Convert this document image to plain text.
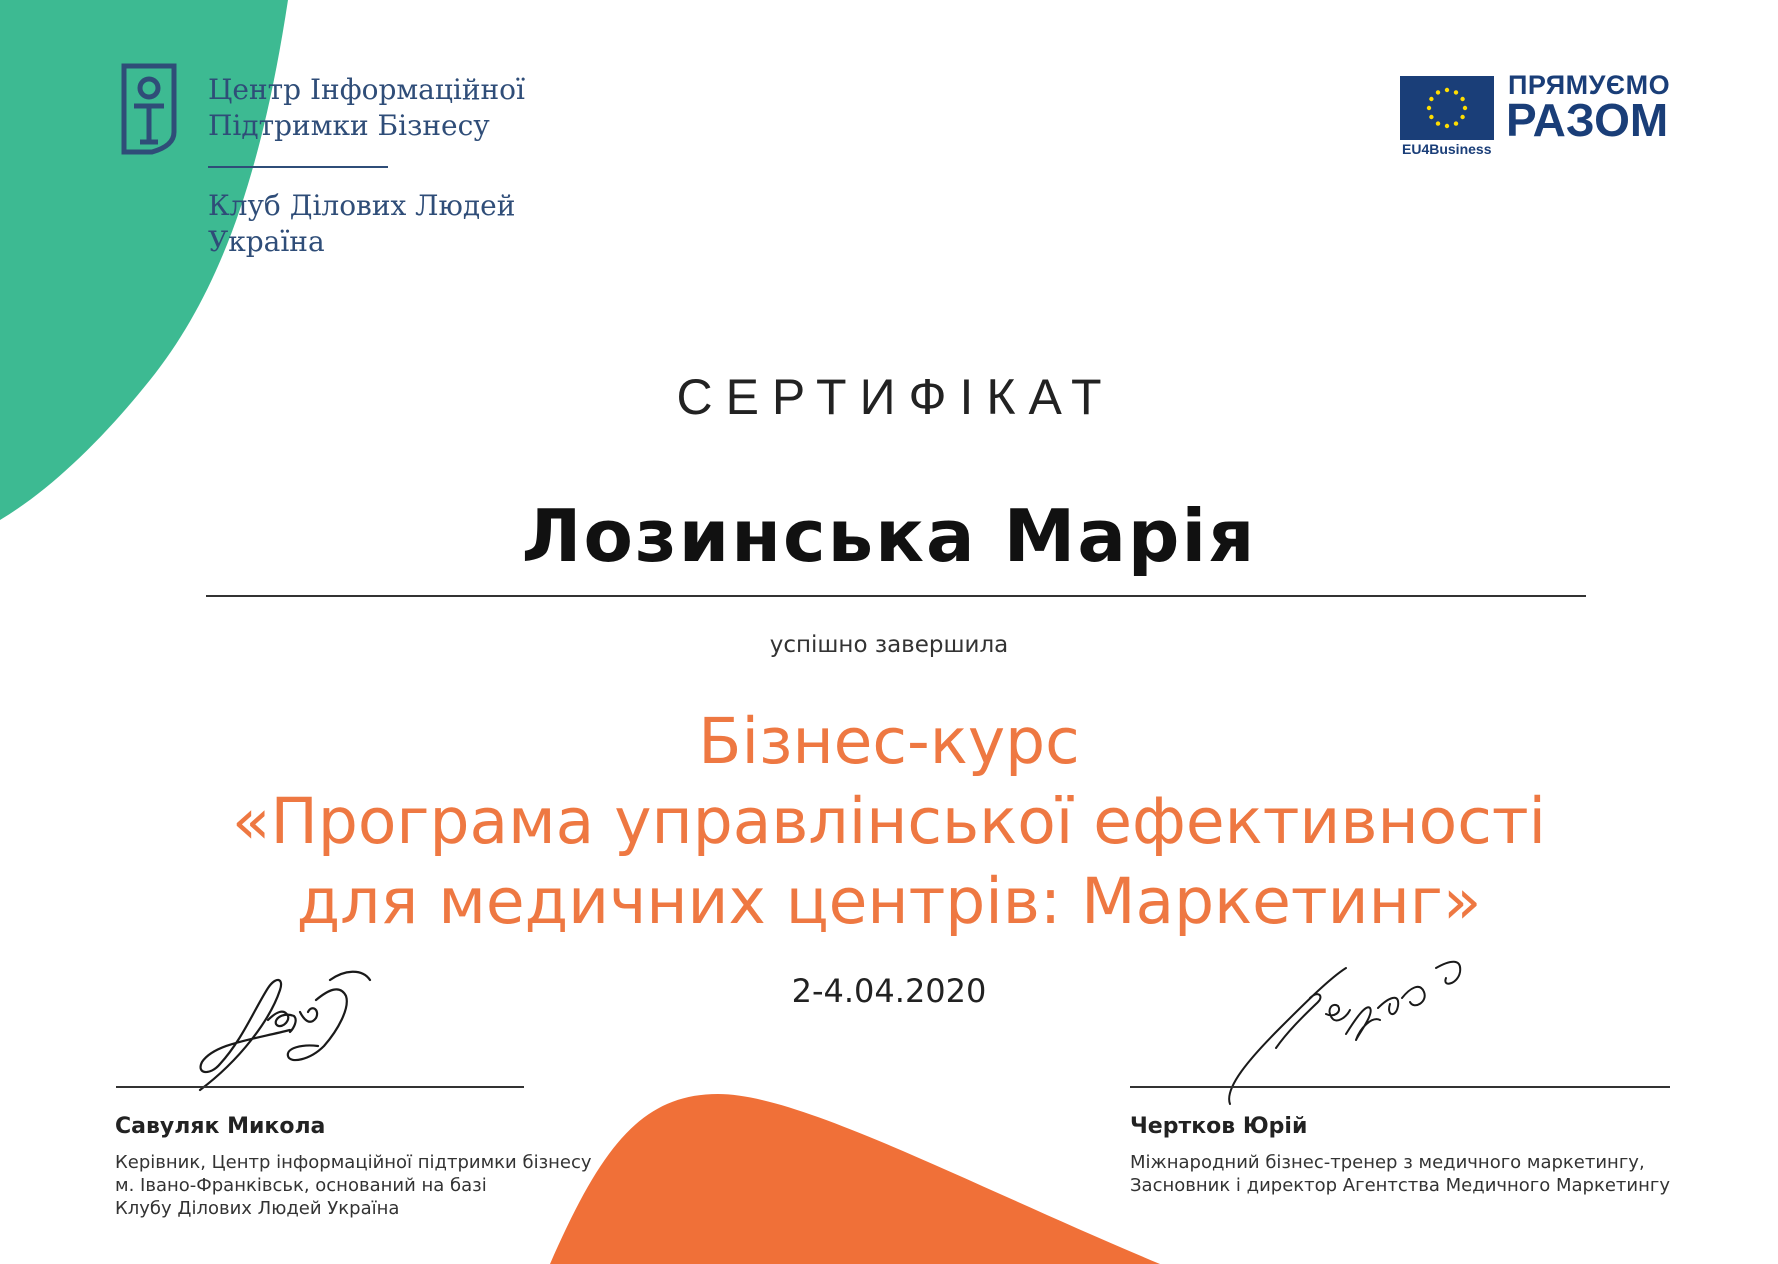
Центр Інформаційної
Підтримки Бізнесу
Клуб Ділових Людей
Україна
EU4Business
ПРЯМУЄМО
РАЗОМ
СЕРТИФІКАТ
Лозинська Марія
успішно завершила
Бізнес-курс
«Програма управлінської ефективності
для медичних центрів: Маркетинг»
2-4.04.2020
Савуляк Микола
Керівник, Центр інформаційної підтримки бізнесу
м. Івано-Франківськ, оснований на базі
Клубу Ділових Людей Україна
Чертков Юрій
Міжнародний бізнес-тренер з медичного маркетингу,
Засновник і директор Агентства Медичного Маркетингу
